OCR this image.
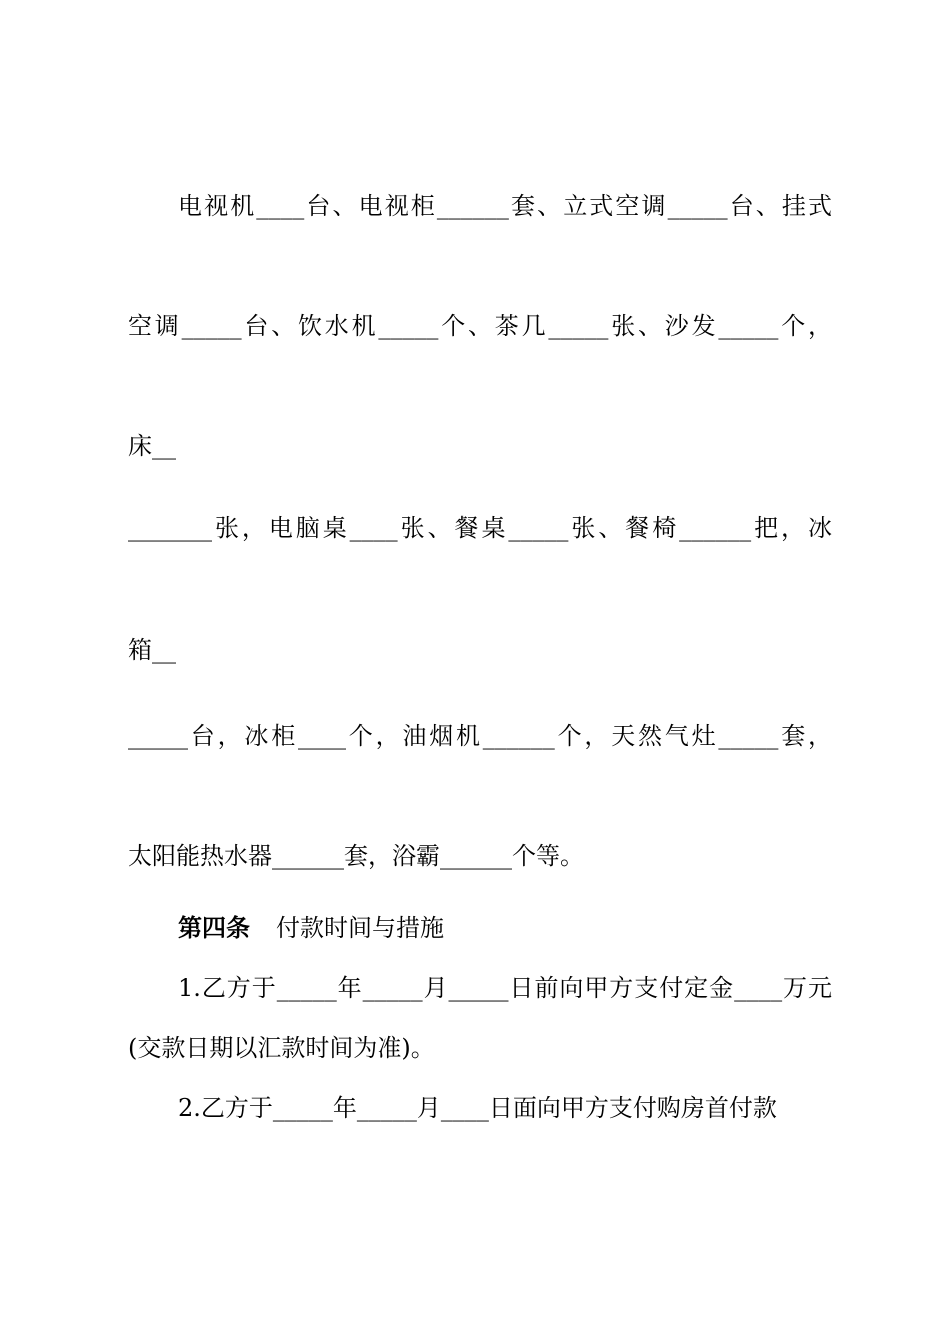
电视机____台、电视柜______套、立式空调_____台、挂式
空调_____台、饮水机_____个、茶几_____张、沙发_____个，
床__
_______张，电脑桌____张、餐桌_____张、餐椅______把，冰
箱__
_____台，冰柜____个，油烟机______个，天然气灶_____套，
太阳能热水器______套，浴霸______个等。
第四条 付款时间与措施
1.乙方于_____年_____月_____日前向甲方支付定金____万元
(交款日期以汇款时间为准)。
2.乙方于_____年_____月____日面向甲方支付购房首付款
